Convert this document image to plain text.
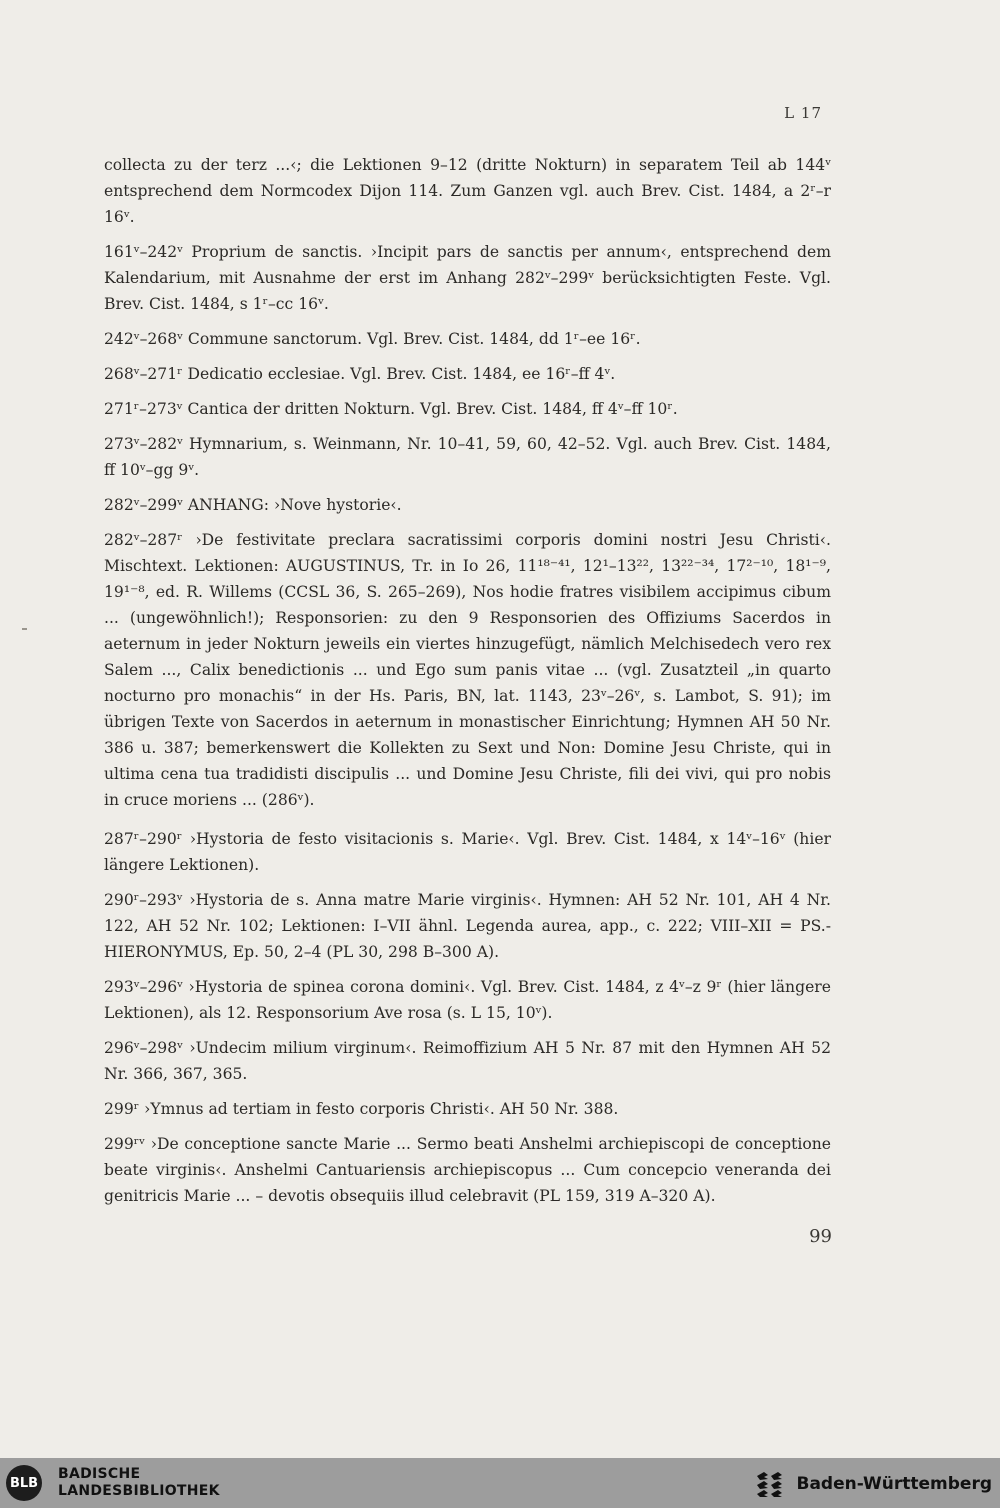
L 17

collecta zu der terz ...‹; die Lektionen 9–12 (dritte Nokturn) in separatem Teil ab 144ᵛ entsprechend dem Normcodex Dijon 114. Zum Ganzen vgl. auch Brev. Cist. 1484, a 2ʳ–r 16ᵛ.

161ᵛ–242ᵛ Proprium de sanctis. ›Incipit pars de sanctis per annum‹, entsprechend dem Kalendarium, mit Ausnahme der erst im Anhang 282ᵛ–299ᵛ berücksichtigten Feste. Vgl. Brev. Cist. 1484, s 1ʳ–cc 16ᵛ.

242ᵛ–268ᵛ Commune sanctorum. Vgl. Brev. Cist. 1484, dd 1ʳ–ee 16ʳ.

268ᵛ–271ʳ Dedicatio ecclesiae. Vgl. Brev. Cist. 1484, ee 16ʳ–ff 4ᵛ.

271ʳ–273ᵛ Cantica der dritten Nokturn. Vgl. Brev. Cist. 1484, ff 4ᵛ–ff 10ʳ.

273ᵛ–282ᵛ Hymnarium, s. Weinmann, Nr. 10–41, 59, 60, 42–52. Vgl. auch Brev. Cist. 1484, ff 10ᵛ–gg 9ᵛ.

282ᵛ–299ᵛ ANHANG: ›Nove hystorie‹.

282ᵛ–287ʳ ›De festivitate preclara sacratissimi corporis domini nostri Jesu Christi‹. Mischtext. Lektionen: AUGUSTINUS, Tr. in Io 26, 11¹⁸⁻⁴¹, 12¹–13²², 13²²⁻³⁴, 17²⁻¹⁰, 18¹⁻⁹, 19¹⁻⁸, ed. R. Willems (CCSL 36, S. 265–269), Nos hodie fratres visibilem accipimus cibum ... (ungewöhnlich!); Responsorien: zu den 9 Responsorien des Offiziums Sacerdos in aeternum in jeder Nokturn jeweils ein viertes hinzugefügt, nämlich Melchisedech vero rex Salem ..., Calix benedictionis ... und Ego sum panis vitae ... (vgl. Zusatzteil „in quarto nocturno pro monachis“ in der Hs. Paris, BN, lat. 1143, 23ᵛ–26ᵛ, s. Lambot, S. 91); im übrigen Texte von Sacerdos in aeternum in monastischer Einrichtung; Hymnen AH 50 Nr. 386 u. 387; bemerkenswert die Kollekten zu Sext und Non: Domine Jesu Christe, qui in ultima cena tua tradidisti discipulis ... und Domine Jesu Christe, fili dei vivi, qui pro nobis in cruce moriens ... (286ᵛ).

287ʳ–290ʳ ›Hystoria de festo visitacionis s. Marie‹. Vgl. Brev. Cist. 1484, x 14ᵛ–16ᵛ (hier längere Lektionen).

290ʳ–293ᵛ ›Hystoria de s. Anna matre Marie virginis‹. Hymnen: AH 52 Nr. 101, AH 4 Nr. 122, AH 52 Nr. 102; Lektionen: I–VII ähnl. Legenda aurea, app., c. 222; VIII–XII = PS.-HIERONYMUS, Ep. 50, 2–4 (PL 30, 298 B–300 A).

293ᵛ–296ᵛ ›Hystoria de spinea corona domini‹. Vgl. Brev. Cist. 1484, z 4ᵛ–z 9ʳ (hier längere Lektionen), als 12. Responsorium Ave rosa (s. L 15, 10ᵛ).

296ᵛ–298ᵛ ›Undecim milium virginum‹. Reimoffizium AH 5 Nr. 87 mit den Hymnen AH 52 Nr. 366, 367, 365.

299ʳ ›Ymnus ad tertiam in festo corporis Christi‹. AH 50 Nr. 388.

299ʳᵛ ›De conceptione sancte Marie ... Sermo beati Anshelmi archiepiscopi de conceptione beate virginis‹. Anshelmi Cantuariensis archiepiscopus ... Cum concepcio veneranda dei genitricis Marie ... – devotis obsequiis illud celebravit (PL 159, 319 A–320 A).

99
BLB
BADISCHE
LANDESBIBLIOTHEK	Baden-Württemberg
